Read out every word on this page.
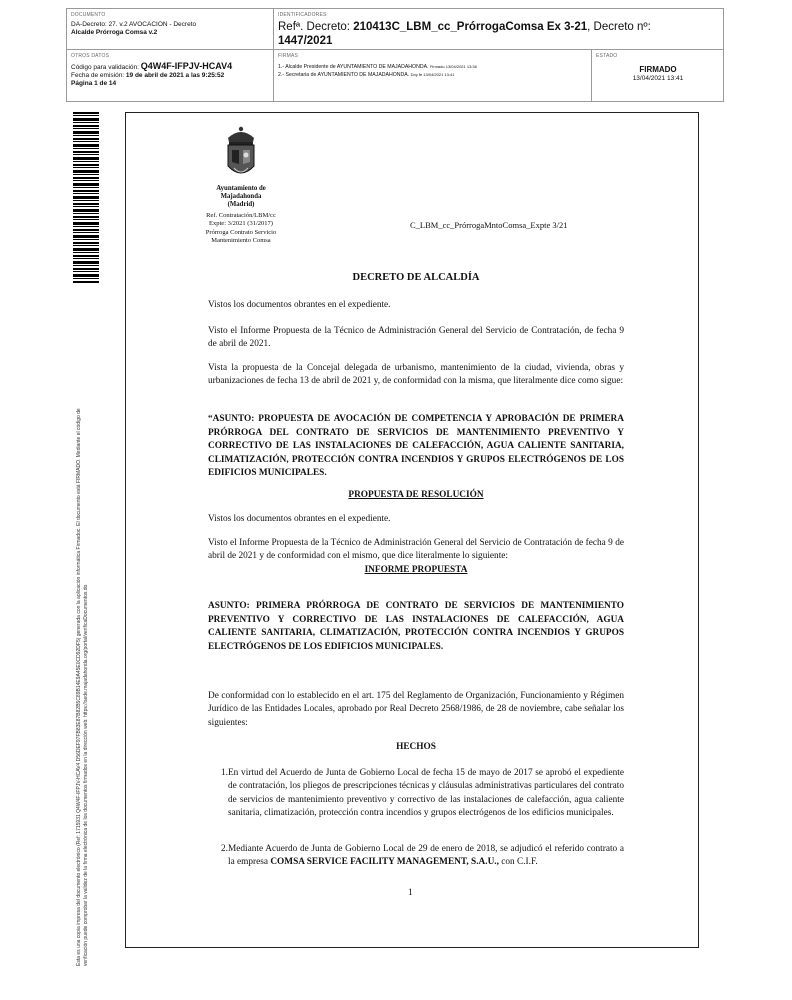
DOCUMENTO
DA-Decreto: 27. v.2 AVOCACION - Decreto
Alcalde Prórroga Comsa v.2
IDENTIFICADORES
Refª. Decreto: 210413C_LBM_cc_PrórrogaComsa Ex 3-21, Decreto nº:
1447/2021
OTROS DATOS
Código para validación: Q4W4F-IFPJV-HCAV4
Fecha de emisión: 19 de abril de 2021 a las 9:25:52
Página 1 de 14
FIRMAS
1.- Alcalde Presidente de AYUNTAMIENTO DE MAJADAHONDA. Firmado 13/04/2021 13:36
2.- Secretaria de AYUNTAMIENTO DE MAJADAHONDA. Doy fe 13/04/2021 13:41
ESTADO
FIRMADO
13/04/2021 13:41
Esta es una copia impresa del documento electrónico (Ref: 1715931 Q4W4F-IFPJV-HCAV4 D56DEF97FB83E87B82B5C89B14E9A45E0CD92DF5) generada con la aplicación informática Firmadoc. El documento está FIRMADO. Mediante el código de verificación puede comprobar la validez de la firma electrónica de los documentos firmados en la dirección web: https://sede.majadahonda.org/portal/verificaDocumentos.do
Ayuntamiento de
Majadahonda
(Madrid)
Ref. Contratación/LBM/cc
Expte: 3/2021 (31/2017)
Prórroga Contrato Servicio
Mantenimiento Comsa
C_LBM_cc_PrórrogaMntoComsa_Expte 3/21
DECRETO DE ALCALDÍA
Vistos los documentos obrantes en el expediente.
Visto el Informe Propuesta de la Técnico de Administración General del Servicio de Contratación, de fecha 9 de abril de 2021.
Vista la propuesta de la Concejal delegada de urbanismo, mantenimiento de la ciudad, vivienda, obras y urbanizaciones de fecha 13 de abril de 2021 y, de conformidad con la misma, que literalmente dice como sigue:
“ASUNTO: PROPUESTA DE AVOCACIÓN DE COMPETENCIA Y APROBACIÓN DE PRIMERA PRÓRROGA DEL CONTRATO DE SERVICIOS DE MANTENIMIENTO PREVENTIVO Y CORRECTIVO DE LAS INSTALACIONES DE CALEFACCIÓN, AGUA CALIENTE SANITARIA, CLIMATIZACIÓN, PROTECCIÓN CONTRA INCENDIOS Y GRUPOS ELECTRÓGENOS DE LOS EDIFICIOS MUNICIPALES.
PROPUESTA DE RESOLUCIÓN
Vistos los documentos obrantes en el expediente.
Visto el Informe Propuesta de la Técnico de Administración General del Servicio de Contratación de fecha 9 de abril de 2021 y de conformidad con el mismo, que dice literalmente lo siguiente:
INFORME PROPUESTA
ASUNTO: PRIMERA PRÓRROGA DE CONTRATO DE SERVICIOS DE MANTENIMIENTO PREVENTIVO Y CORRECTIVO DE LAS INSTALACIONES DE CALEFACCIÓN, AGUA CALIENTE SANITARIA, CLIMATIZACIÓN, PROTECCIÓN CONTRA INCENDIOS Y GRUPOS ELECTRÓGENOS DE LOS EDIFICIOS MUNICIPALES.
De conformidad con lo establecido en el art. 175 del Reglamento de Organización, Funcionamiento y Régimen Jurídico de las Entidades Locales, aprobado por Real Decreto 2568/1986, de 28 de noviembre, cabe señalar los siguientes:
HECHOS
1. En virtud del Acuerdo de Junta de Gobierno Local de fecha 15 de mayo de 2017 se aprobó el expediente de contratación, los pliegos de prescripciones técnicas y cláusulas administrativas particulares del contrato de servicios de mantenimiento preventivo y correctivo de las instalaciones de calefacción, agua caliente sanitaria, climatización, protección contra incendios y grupos electrógenos de los edificios municipales.
2. Mediante Acuerdo de Junta de Gobierno Local de 29 de enero de 2018, se adjudicó el referido contrato a la empresa COMSA SERVICE FACILITY MANAGEMENT, S.A.U., con C.I.F.
1
